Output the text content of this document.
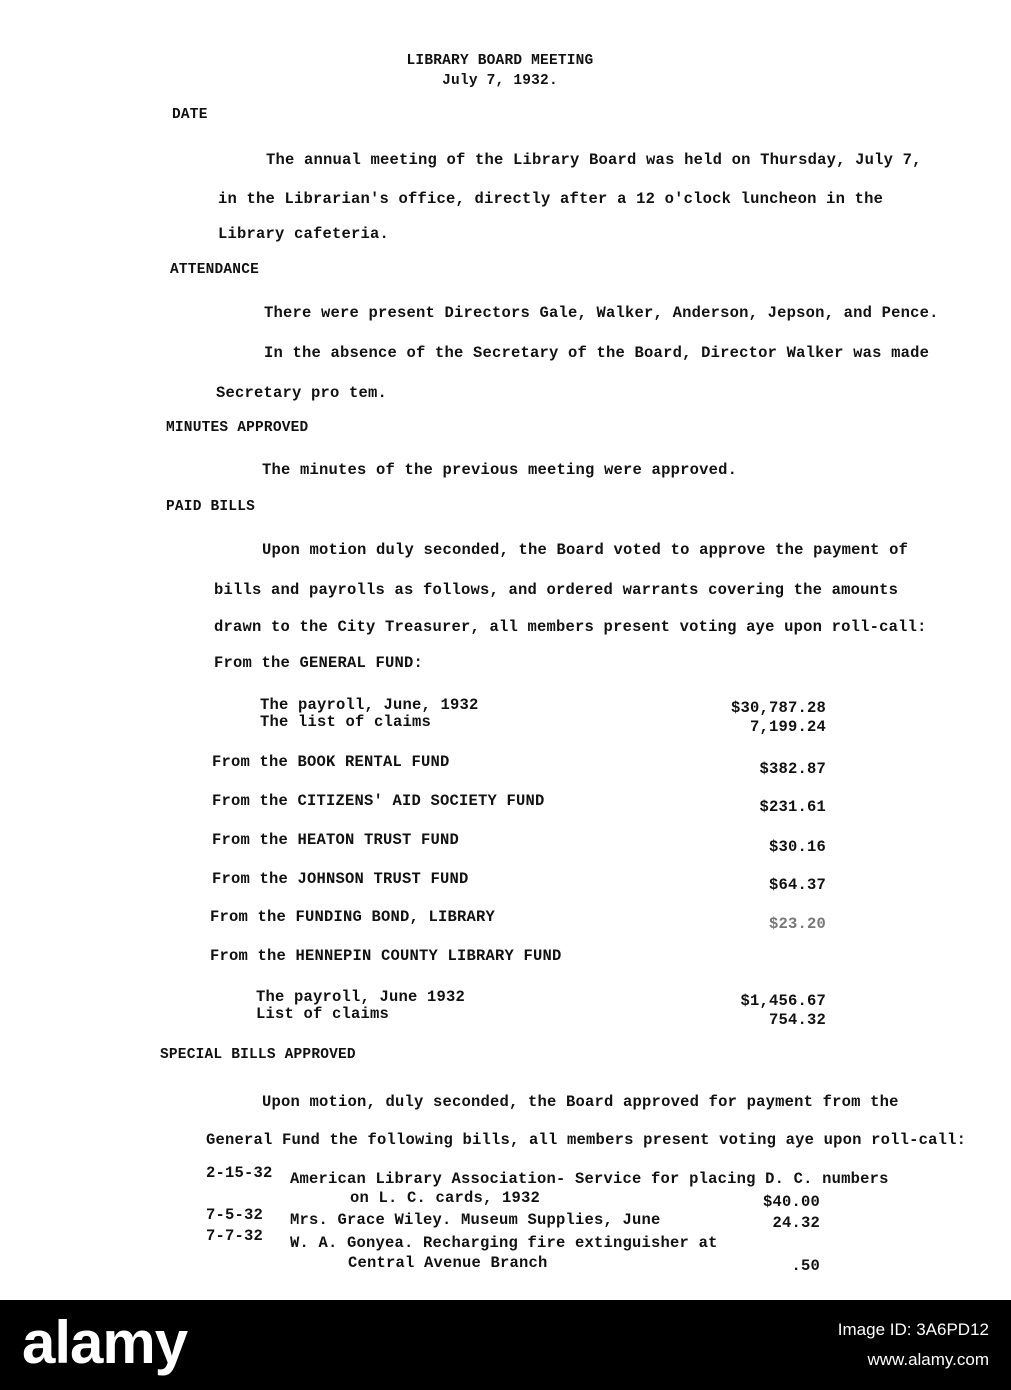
LIBRARY BOARD MEETING
July 7, 1932.
DATE
The annual meeting of the Library Board was held on Thursday, July 7,
in the Librarian's office, directly after a 12 o'clock luncheon in the
Library cafeteria.
ATTENDANCE
There were present Directors Gale, Walker, Anderson, Jepson, and Pence.
In the absence of the Secretary of the Board, Director Walker was made
Secretary pro tem.
MINUTES APPROVED
The minutes of the previous meeting were approved.
PAID BILLS
Upon motion duly seconded, the Board voted to approve the payment of
bills and payrolls as follows, and ordered warrants covering the amounts
drawn to the City Treasurer, all members present voting aye upon roll-call:
From the GENERAL FUND:
The payroll, June, 1932	$30,787.28
The list of claims	7,199.24
From the BOOK RENTAL FUND	$382.87
From the CITIZENS' AID SOCIETY FUND	$231.61
From the HEATON TRUST FUND	$30.16
From the JOHNSON TRUST FUND	$64.37
From the FUNDING BOND, LIBRARY	$23.20
From the HENNEPIN COUNTY LIBRARY FUND
The payroll, June 1932	$1,456.67
List of claims	754.32
SPECIAL BILLS APPROVED
Upon motion, duly seconded, the Board approved for payment from the
General Fund the following bills, all members present voting aye upon roll-call:
2-15-32 American Library Association- Service for placing D. C. numbers
on L. C. cards, 1932	$40.00
7-5-32 Mrs. Grace Wiley. Museum Supplies, June	24.32
7-7-32 W. A. Gonyea. Recharging fire extinguisher at
Central Avenue Branch	.50
alamy	Image ID: 3A6PD12
www.alamy.com
